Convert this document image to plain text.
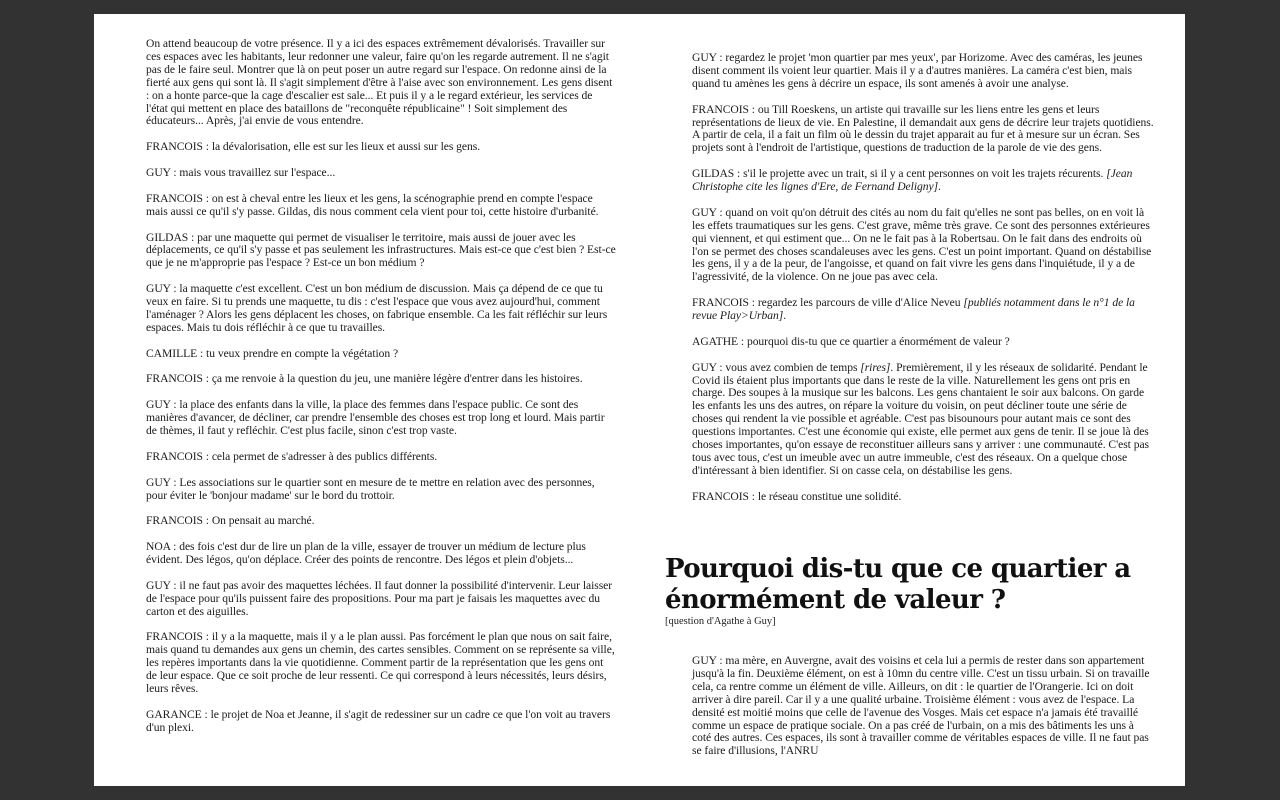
On attend beaucoup de votre présence. Il y a ici des espaces extrêmement dévalorisés. Travailler sur ces espaces avec les habitants, leur redonner une valeur, faire qu'on les regarde autrement. Il ne s'agit pas de le faire seul. Montrer que là on peut poser un autre regard sur l'espace. On redonne ainsi de la fierté aux gens qui sont là. Il s'agit simplement d'être à l'aise avec son environnement. Les gens disent : on a honte parce-que la cage d'escalier est sale... Et puis il y a le regard extérieur, les services de l'état qui mettent en place des bataillons de "reconquête républicaine" ! Soit simplement des éducateurs... Après, j'ai envie de vous entendre.

FRANCOIS : la dévalorisation, elle est sur les lieux et aussi sur les gens.

GUY : mais vous travaillez sur l'espace...

FRANCOIS : on est à cheval entre les lieux et les gens, la scénographie prend en compte l'espace mais aussi ce qu'il s'y passe. Gildas, dis nous comment cela vient pour toi, cette histoire d'urbanité.

GILDAS : par une maquette qui permet de visualiser le territoire, mais aussi de jouer avec les déplacements, ce qu'il s'y passe et pas seulement les infrastructures. Mais est-ce que c'est bien ? Est-ce que je ne m'approprie pas l'espace ? Est-ce un bon médium ?

GUY : la maquette c'est excellent. C'est un bon médium de discussion. Mais ça dépend de ce que tu veux en faire. Si tu prends une maquette, tu dis : c'est l'espace que vous avez aujourd'hui, comment l'aménager ? Alors les gens déplacent les choses, on fabrique ensemble. Ca les fait réfléchir sur leurs espaces. Mais tu dois réfléchir à ce que tu travailles.

CAMILLE : tu veux prendre en compte la végétation ?

FRANCOIS : ça me renvoie à la question du jeu, une manière légère d'entrer dans les histoires.

GUY : la place des enfants dans la ville, la place des femmes dans l'espace public. Ce sont des manières d'avancer, de décliner, car prendre l'ensemble des choses est trop long et lourd. Mais partir de thèmes, il faut y refléchir. C'est plus facile, sinon c'est trop vaste.

FRANCOIS : cela permet de s'adresser à des publics différents.

GUY : Les associations sur le quartier sont en mesure de te mettre en relation avec des personnes, pour éviter le 'bonjour madame' sur le bord du trottoir.

FRANCOIS : On pensait au marché.

NOA : des fois c'est dur de lire un plan de la ville, essayer de trouver un médium de lecture plus évident. Des légos, qu'on déplace. Créer des points de rencontre. Des légos et plein d'objets...

GUY : il ne faut pas avoir des maquettes léchées. Il faut donner la possibilité d'intervenir. Leur laisser de l'espace pour qu'ils puissent faire des propositions. Pour ma part je faisais les maquettes avec du carton et des aiguilles.

FRANCOIS : il y a la maquette, mais il y a le plan aussi. Pas forcément le plan que nous on sait faire, mais quand tu demandes aux gens un chemin, des cartes sensibles. Comment on se représente sa ville, les repères importants dans la vie quotidienne. Comment partir de la représentation que les gens ont de leur espace. Que ce soit proche de leur ressenti. Ce qui correspond à leurs nécessités, leurs désirs, leurs rêves.

GARANCE : le projet de Noa et Jeanne, il s'agit de redessiner sur un cadre ce que l'on voit au travers d'un plexi.

GUY : regardez le projet 'mon quartier par mes yeux', par Horizome. Avec des caméras, les jeunes disent comment ils voient leur quartier. Mais il y a d'autres manières. La caméra c'est bien, mais quand tu amènes les gens à décrire un espace, ils sont amenés à avoir une analyse.

FRANCOIS : ou Till Roeskens, un artiste qui travaille sur les liens entre les gens et leurs représentations de lieux de vie. En Palestine, il demandait aux gens de décrire leur trajets quotidiens. A partir de cela, il a fait un film où le dessin du trajet apparait au fur et à mesure sur un écran. Ses projets sont à l'endroit de l'artistique, questions de traduction de la parole de vie des gens.

GILDAS : s'il le projette avec un trait, si il y a cent personnes on voit les trajets récurents. [Jean Christophe cite les lignes d'Ere, de Fernand Deligny].

GUY : quand on voit qu'on détruit des cités au nom du fait qu'elles ne sont pas belles, on en voit là les effets traumatiques sur les gens. C'est grave, même très grave. Ce sont des personnes extérieures qui viennent, et qui estiment que... On ne le fait pas à la Robertsau. On le fait dans des endroits où l'on se permet des choses scandaleuses avec les gens. C'est un point important. Quand on déstabilise les gens, il y a de la peur, de l'angoisse, et quand on fait vivre les gens dans l'inquiétude, il y a de l'agressivité, de la violence. On ne joue pas avec cela.

FRANCOIS : regardez les parcours de ville d'Alice Neveu [publiés notamment dans le n°1 de la revue Play>Urban].

AGATHE : pourquoi dis-tu que ce quartier a énormément de valeur ?

GUY : vous avez combien de temps [rires]. Premièrement, il y les réseaux de solidarité. Pendant le Covid ils étaient plus importants que dans le reste de la ville. Naturellement les gens ont pris en charge. Des soupes à la musique sur les balcons. Les gens chantaient le soir aux balcons. On garde les enfants les uns des autres, on répare la voiture du voisin, on peut décliner toute une série de choses qui rendent la vie possible et agréable. C'est pas bisounours pour autant mais ce sont des questions importantes. C'est une économie qui existe, elle permet aux gens de tenir. Il se joue là des choses importantes, qu'on essaye de reconstituer ailleurs sans y arriver : une communauté. C'est pas tous avec tous, c'est un imeuble avec un autre immeuble, c'est des réseaux. On a quelque chose d'intéressant à bien identifier. Si on casse cela, on déstabilise les gens.

FRANCOIS : le réseau constitue une solidité.

Pourquoi dis-tu que ce quartier a énormément de valeur ?

[question d'Agathe à Guy]

GUY : ma mère, en Auvergne, avait des voisins et cela lui a permis de rester dans son appartement jusqu'à la fin. Deuxième élément, on est à 10mn du centre ville. C'est un tissu urbain. Si on travaille cela, ca rentre comme un élément de ville. Ailleurs, on dit : le quartier de l'Orangerie. Ici on doit arriver à dire pareil. Car il y a une qualité urbaine. Troisième élément : vous avez de l'espace. La densité est moitié moins que celle de l'avenue des Vosges. Mais cet espace n'a jamais été travaillé comme un espace de pratique sociale. On a pas créé de l'urbain, on a mis des bâtiments les uns à coté des autres. Ces espaces, ils sont à travailler comme de véritables espaces de ville. Il ne faut pas se faire d'illusions, l'ANRU
